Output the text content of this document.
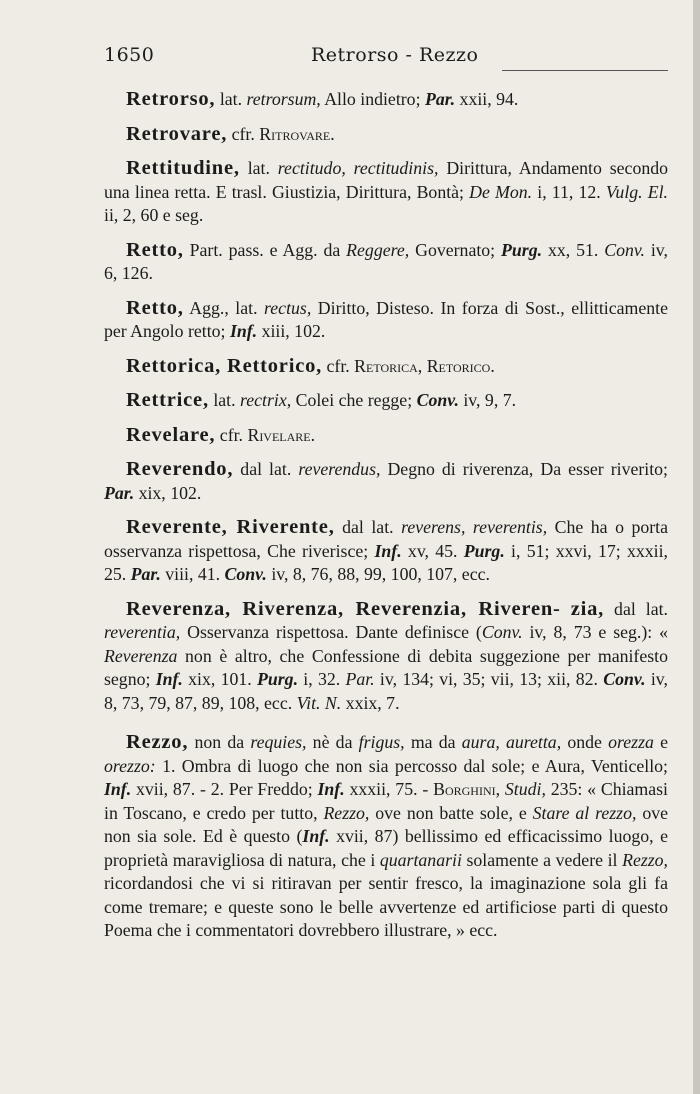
1650	Retrorso - Rezzo

Retrorso, lat. retrorsum, Allo indietro; Par. xxii, 94.

Retrovare, cfr. Ritrovare.

Rettitudine, lat. rectitudo, rectitudinis, Dirittura, Andamento secondo una linea retta. E trasl. Giustizia, Dirittura, Bontà; De Mon. i, 11, 12. Vulg. El. ii, 2, 60 e seg.

Retto, Part. pass. e Agg. da Reggere, Governato; Purg. xx, 51. Conv. iv, 6, 126.

Retto, Agg., lat. rectus, Diritto, Disteso. In forza di Sost., ellitticamente per Angolo retto; Inf. xiii, 102.

Rettorica, Rettorico, cfr. Retorica, Retorico.

Rettrice, lat. rectrix, Colei che regge; Conv. iv, 9, 7.

Revelare, cfr. Rivelare.

Reverendo, dal lat. reverendus, Degno di riverenza, Da esser riverito; Par. xix, 102.

Reverente, Riverente, dal lat. reverens, reverentis, Che ha o porta osservanza rispettosa, Che riverisce; Inf. xv, 45. Purg. i, 51; xxvi, 17; xxxii, 25. Par. viii, 41. Conv. iv, 8, 76, 88, 99, 100, 107, ecc.

Reverenza, Riverenza, Reverenzia, Riveren- zia, dal lat. reverentia, Osservanza rispettosa. Dante definisce (Conv. iv, 8, 73 e seg.): « Reverenza non è altro, che Confessione di debita suggezione per manifesto segno; Inf. xix, 101. Purg. i, 32. Par. iv, 134; vi, 35; vii, 13; xii, 82. Conv. iv, 8, 73, 79, 87, 89, 108, ecc. Vit. N. xxix, 7.

Rezzo, non da requies, nè da frigus, ma da aura, auretta, onde orezza e orezzo: 1. Ombra di luogo che non sia percosso dal sole; e Aura, Venticello; Inf. xvii, 87. - 2. Per Freddo; Inf. xxxii, 75. - Borghini, Studi, 235: « Chiamasi in Toscano, e credo per tutto, Rezzo, ove non batte sole, e Stare al rezzo, ove non sia sole. Ed è questo (Inf. xvii, 87) bellissimo ed efficacissimo luogo, e proprietà maravigliosa di natura, che i quartanarii solamente a vedere il Rezzo, ricordandosi che vi si ritiravan per sentir fresco, la imaginazione sola gli fa come tremare; e queste sono le belle avvertenze ed artificiose parti di questo Poema che i commentatori dovrebbero illustrare, » ecc.
